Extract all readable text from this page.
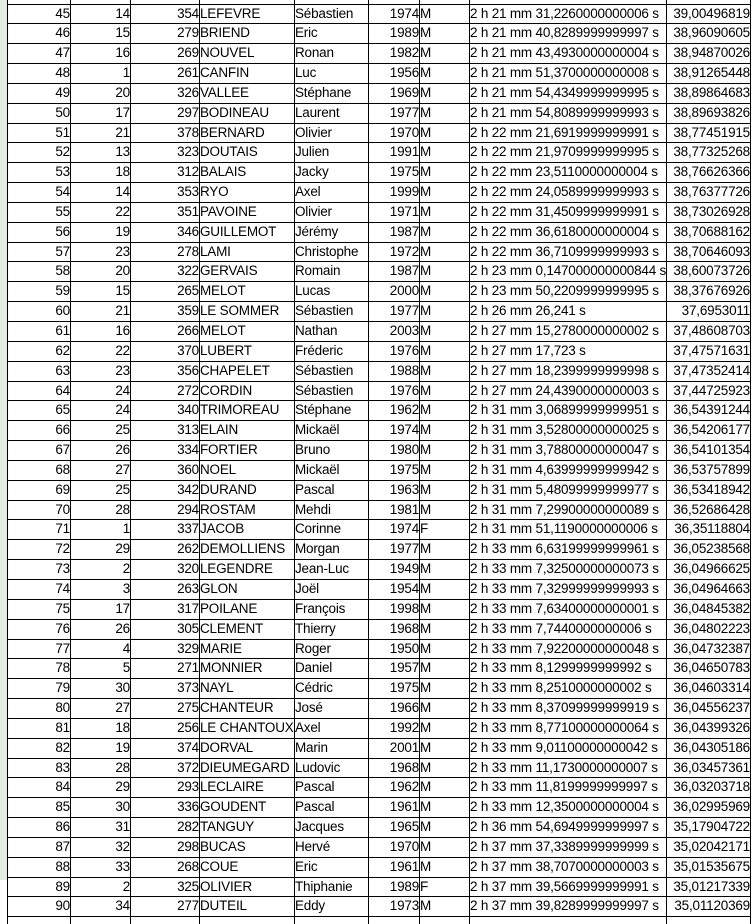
45	14	354	LEFEVRE	Sébastien	1974	M	2 h 21 mm 31,2260000000006 s	39,00496819
46	15	279	BRIEND	Eric	1989	M	2 h 21 mm 40,8289999999997 s	38,96090605
47	16	269	NOUVEL	Ronan	1982	M	2 h 21 mm 43,4930000000004 s	38,94870026
48	1	261	CANFIN	Luc	1956	M	2 h 21 mm 51,3700000000008 s	38,91265448
49	20	326	VALLEE	Stéphane	1969	M	2 h 21 mm 54,4349999999995 s	38,89864683
50	17	297	BODINEAU	Laurent	1977	M	2 h 21 mm 54,8089999999993 s	38,89693826
51	21	378	BERNARD	Olivier	1970	M	2 h 22 mm 21,6919999999991 s	38,77451915
52	13	323	DOUTAIS	Julien	1991	M	2 h 22 mm 21,9709999999995 s	38,77325268
53	18	312	BALAIS	Jacky	1975	M	2 h 22 mm 23,5110000000004 s	38,76626366
54	14	353	RYO	Axel	1999	M	2 h 22 mm 24,0589999999993 s	38,76377726
55	22	351	PAVOINE	Olivier	1971	M	2 h 22 mm 31,4509999999991 s	38,73026928
56	19	346	GUILLEMOT	Jérémy	1987	M	2 h 22 mm 36,6180000000004 s	38,70688162
57	23	278	LAMI	Christophe	1972	M	2 h 22 mm 36,7109999999993 s	38,70646093
58	20	322	GERVAIS	Romain	1987	M	2 h 23 mm 0,147000000000844 s	38,60073726
59	15	265	MELOT	Lucas	2000	M	2 h 23 mm 50,2209999999995 s	38,37676926
60	21	359	LE SOMMER	Sébastien	1977	M	2 h 26 mm 26,241 s	37,6953011
61	16	266	MELOT	Nathan	2003	M	2 h 27 mm 15,2780000000002 s	37,48608703
62	22	370	LUBERT	Fréderic	1976	M	2 h 27 mm 17,723 s	37,47571631
63	23	356	CHAPELET	Sébastien	1988	M	2 h 27 mm 18,2399999999998 s	37,47352414
64	24	272	CORDIN	Sébastien	1976	M	2 h 27 mm 24,4390000000003 s	37,44725923
65	24	340	TRIMOREAU	Stéphane	1962	M	2 h 31 mm 3,06899999999951 s	36,54391244
66	25	313	ELAIN	Mickaël	1974	M	2 h 31 mm 3,52800000000025 s	36,54206177
67	26	334	FORTIER	Bruno	1980	M	2 h 31 mm 3,78800000000047 s	36,54101354
68	27	360	NOEL	Mickaël	1975	M	2 h 31 mm 4,63999999999942 s	36,53757899
69	25	342	DURAND	Pascal	1963	M	2 h 31 mm 5,48099999999977 s	36,53418942
70	28	294	ROSTAM	Mehdi	1981	M	2 h 31 mm 7,29900000000089 s	36,52686428
71	1	337	JACOB	Corinne	1974	F	2 h 31 mm 51,1190000000006 s	36,35118804
72	29	262	DEMOLLIENS	Morgan	1977	M	2 h 33 mm 6,63199999999961 s	36,05238568
73	2	320	LEGENDRE	Jean-Luc	1949	M	2 h 33 mm 7,32500000000073 s	36,04966625
74	3	263	GLON	Joël	1954	M	2 h 33 mm 7,32999999999993 s	36,04964663
75	17	317	POILANE	François	1998	M	2 h 33 mm 7,63400000000001 s	36,04845382
76	26	305	CLEMENT	Thierry	1968	M	2 h 33 mm 7,7440000000006 s	36,04802223
77	4	329	MARIE	Roger	1950	M	2 h 33 mm 7,92200000000048 s	36,04732387
78	5	271	MONNIER	Daniel	1957	M	2 h 33 mm 8,1299999999992 s	36,04650783
79	30	373	NAYL	Cédric	1975	M	2 h 33 mm 8,2510000000002 s	36,04603314
80	27	275	CHANTEUR	José	1966	M	2 h 33 mm 8,37099999999919 s	36,04556237
81	18	256	LE CHANTOUX	Axel	1992	M	2 h 33 mm 8,77100000000064 s	36,04399326
82	19	374	DORVAL	Marin	2001	M	2 h 33 mm 9,01100000000042 s	36,04305186
83	28	372	DIEUMEGARD	Ludovic	1968	M	2 h 33 mm 11,1730000000007 s	36,03457361
84	29	293	LECLAIRE	Pascal	1962	M	2 h 33 mm 11,8199999999997 s	36,03203718
85	30	336	GOUDENT	Pascal	1961	M	2 h 33 mm 12,3500000000004 s	36,02995969
86	31	282	TANGUY	Jacques	1965	M	2 h 36 mm 54,6949999999997 s	35,17904722
87	32	298	BUCAS	Hervé	1970	M	2 h 37 mm 37,3389999999999 s	35,02042171
88	33	268	COUE	Eric	1961	M	2 h 37 mm 38,7070000000003 s	35,01535675
89	2	325	OLIVIER	Thiphanie	1989	F	2 h 37 mm 39,5669999999991 s	35,01217339
90	34	277	DUTEIL	Eddy	1973	M	2 h 37 mm 39,8289999999997 s	35,01120369
